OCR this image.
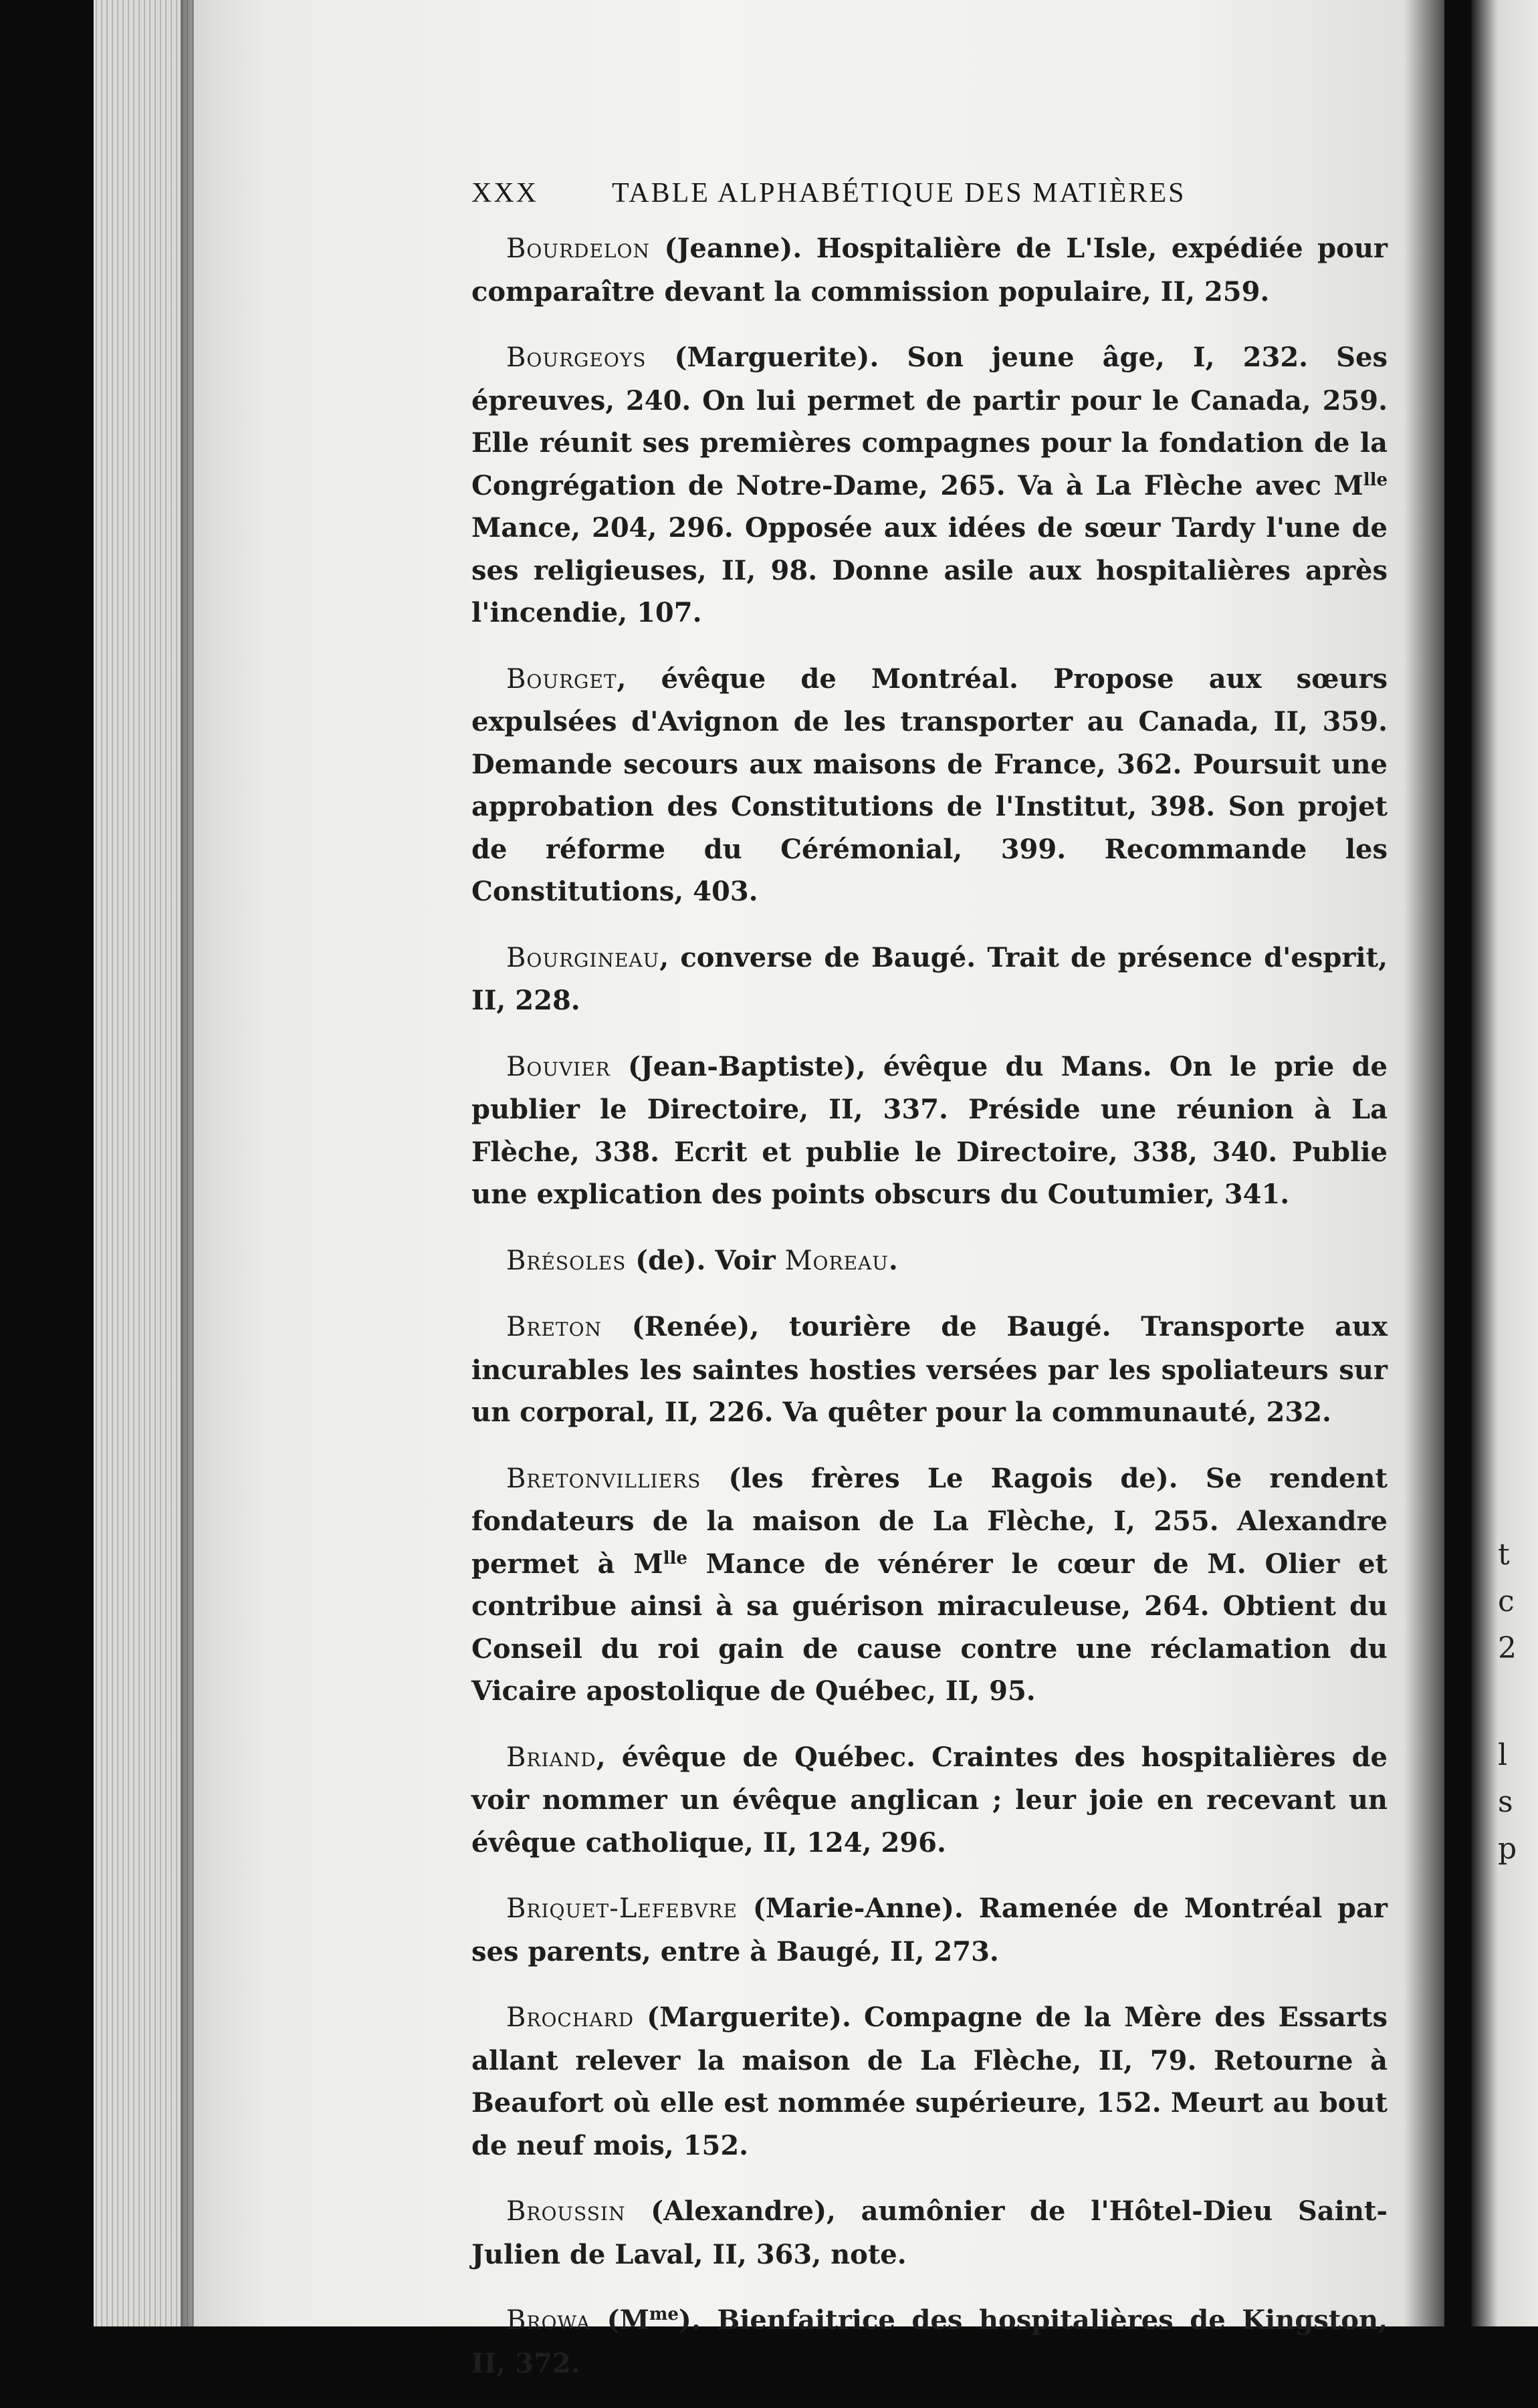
t
c
2
l
s
p
XXX	TABLE ALPHABÉTIQUE DES MATIÈRES

Bourdelon (Jeanne). Hospitalière de L'Isle, expédiée pour comparaître devant la commission populaire, II, 259.

Bourgeoys (Marguerite). Son jeune âge, I, 232. Ses épreuves, 240. On lui permet de partir pour le Canada, 259. Elle réunit ses premières compagnes pour la fondation de la Congrégation de Notre-Dame, 265. Va à La Flèche avec $M^{lle}$ Mance, 204, 296. Opposée aux idées de sœur Tardy l'une de ses religieuses, II, 98. Donne asile aux hospitalières après l'incendie, 107.

Bourget, évêque de Montréal. Propose aux sœurs expulsées d'Avignon de les transporter au Canada, II, 359. Demande secours aux maisons de France, 362. Poursuit une approbation des Constitutions de l'Institut, 398. Son projet de réforme du Cérémonial, 399. Recommande les Constitutions, 403.

Bourgineau, converse de Baugé. Trait de présence d'esprit, II, 228.

Bouvier (Jean-Baptiste), évêque du Mans. On le prie de publier le Directoire, II, 337. Préside une réunion à La Flèche, 338. Ecrit et publie le Directoire, 338, 340. Publie une explication des points obscurs du Coutumier, 341.

Brésoles (de). Voir Moreau.

Breton (Renée), tourière de Baugé. Transporte aux incurables les saintes hosties versées par les spoliateurs sur un corporal, II, 226. Va quêter pour la communauté, 232.

Bretonvilliers (les frères Le Ragois de). Se rendent fondateurs de la maison de La Flèche, I, 255. Alexandre permet à $M^{lle}$ Mance de vénérer le cœur de M. Olier et contribue ainsi à sa guérison miraculeuse, 264. Obtient du Conseil du roi gain de cause contre une réclamation du Vicaire apostolique de Québec, II, 95.

Briand, évêque de Québec. Craintes des hospitalières de voir nommer un évêque anglican ; leur joie en recevant un évêque catholique, II, 124, 296.

Briquet-Lefebvre (Marie-Anne). Ramenée de Montréal par ses parents, entre à Baugé, II, 273.

Brochard (Marguerite). Compagne de la Mère des Essarts allant relever la maison de La Flèche, II, 79. Retourne à Beaufort où elle est nommée supérieure, 152. Meurt au bout de neuf mois, 152.

Broussin (Alexandre), aumônier de l'Hôtel-Dieu Saint-Julien de Laval, II, 363, note.

Browa $(M^{me})$. Bienfaitrice des hospitalières de Kingston, II, 372.
